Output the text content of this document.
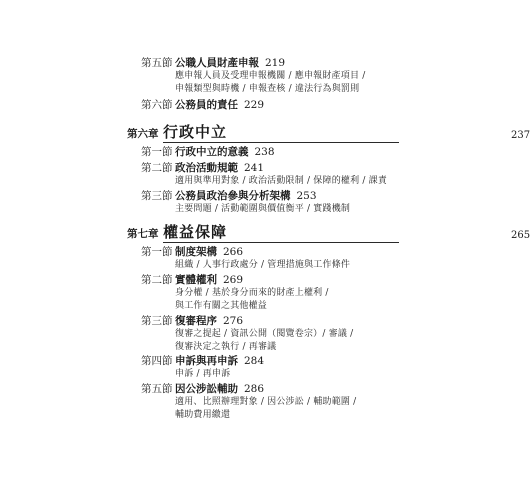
第五節 公職人員財產申報 219
應申報人員及受理申報機關 / 應申報財產項目 /
申報類型與時機 / 申報查核 / 違法行為與罰則
第六節 公務員的責任 229
第六章 行政中立	237
第一節 行政中立的意義 238
第二節 政治活動規範 241
適用與準用對象 / 政治活動限制 / 保障的權利 / 課責
第三節 公務員政治參與分析架構 253
主要問題 / 活動範圍與價值衡平 / 實踐機制
第七章 權益保障	265
第一節 制度架構 266
組織 / 人事行政處分 / 管理措施與工作條件
第二節 實體權利 269
身分權 / 基於身分而來的財產上權利 /
與工作有關之其他權益
第三節 復審程序 276
復審之提起 / 資訊公開（閱覽卷宗）/ 審議 /
復審決定之執行 / 再審議
第四節 申訴與再申訴 284
申訴 / 再申訴
第五節 因公涉訟輔助 286
適用、比照辦理對象 / 因公涉訟 / 輔助範圍 /
輔助費用繳還
